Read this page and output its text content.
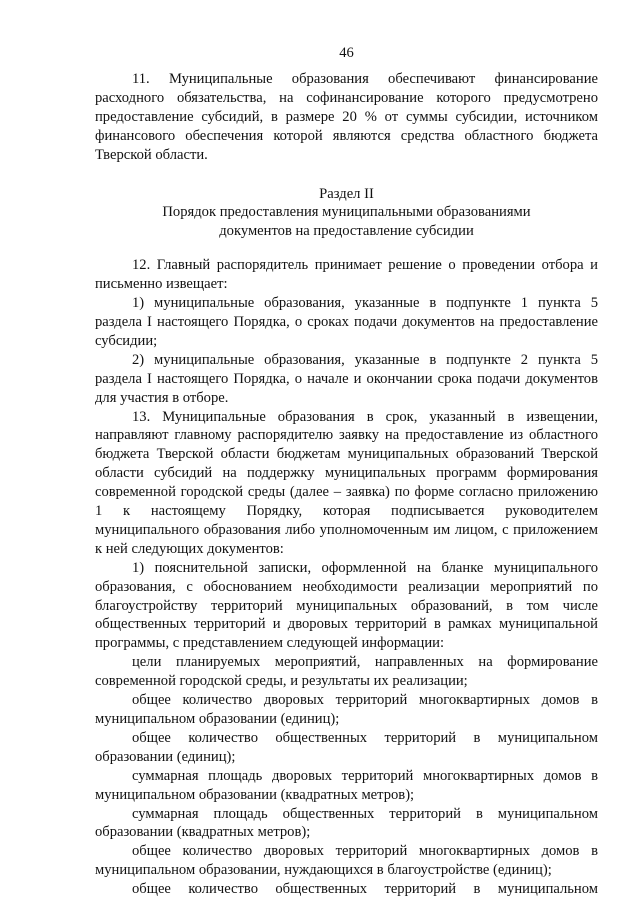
46

11. Муниципальные образования обеспечивают финансирование расходного обязательства, на софинансирование которого предусмотрено предоставление субсидий, в размере 20 % от суммы субсидии, источником финансового обеспечения которой являются средства областного бюджета Тверской области.

Раздел II

Порядок предоставления муниципальными образованиями

документов на предоставление субсидии

12. Главный распорядитель принимает решение о проведении отбора и письменно извещает:

1) муниципальные образования, указанные в подпункте 1 пункта 5 раздела I настоящего Порядка, о сроках подачи документов на предоставление субсидии;

2) муниципальные образования, указанные в подпункте 2 пункта 5 раздела I настоящего Порядка, о начале и окончании срока подачи документов для участия в отборе.

13. Муниципальные образования в срок, указанный в извещении, направляют главному распорядителю заявку на предоставление из областного бюджета Тверской области бюджетам муниципальных образований Тверской области субсидий на поддержку муниципальных программ формирования современной городской среды (далее – заявка) по форме согласно приложению 1 к настоящему Порядку, которая подписывается руководителем муниципального образования либо уполномоченным им лицом, с приложением к ней следующих документов:

1) пояснительной записки, оформленной на бланке муниципального образования, с обоснованием необходимости реализации мероприятий по благоустройству территорий муниципальных образований, в том числе общественных территорий и дворовых территорий в рамках муниципальной программы, с представлением следующей информации:

цели планируемых мероприятий, направленных на формирование современной городской среды, и результаты их реализации;

общее количество дворовых территорий многоквартирных домов в муниципальном образовании (единиц);

общее количество общественных территорий в муниципальном образовании (единиц);

суммарная площадь дворовых территорий многоквартирных домов в муниципальном образовании (квадратных метров);

суммарная площадь общественных территорий в муниципальном образовании (квадратных метров);

общее количество дворовых территорий многоквартирных домов в муниципальном образовании, нуждающихся в благоустройстве (единиц);

общее количество общественных территорий в муниципальном
